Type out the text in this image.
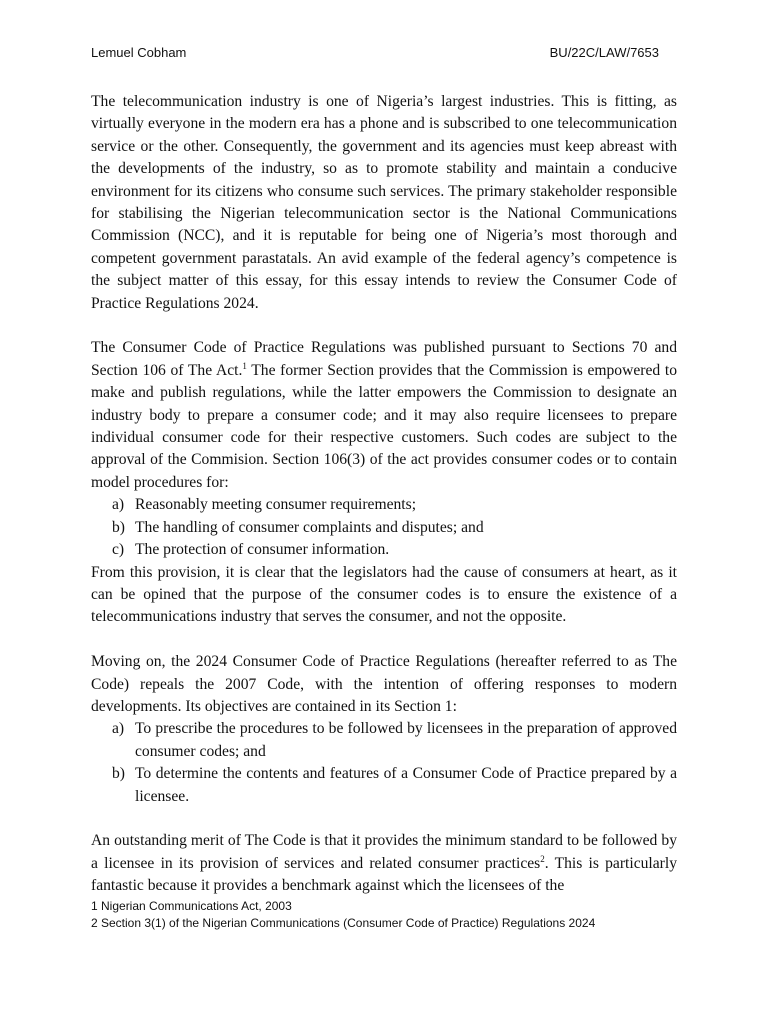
Lemuel Cobham	BU/22C/LAW/7653

The telecommunication industry is one of Nigeria’s largest industries. This is fitting, as virtually everyone in the modern era has a phone and is subscribed to one telecommunication service or the other. Consequently, the government and its agencies must keep abreast with the developments of the industry, so as to promote stability and maintain a conducive environment for its citizens who consume such services. The primary stakeholder responsible for stabilising the Nigerian telecommunication sector is the National Communications Commission (NCC), and it is reputable for being one of Nigeria’s most thorough and competent government parastatals. An avid example of the federal agency’s competence is the subject matter of this essay, for this essay intends to review the Consumer Code of Practice Regulations 2024.

The Consumer Code of Practice Regulations was published pursuant to Sections 70 and Section 106 of The Act.$^1$ The former Section provides that the Commission is empowered to make and publish regulations, while the latter empowers the Commission to designate an industry body to prepare a consumer code; and it may also require licensees to prepare individual consumer code for their respective customers. Such codes are subject to the approval of the Commision. Section 106(3) of the act provides consumer codes or to contain model procedures for:

a) Reasonably meeting consumer requirements;
b) The handling of consumer complaints and disputes; and
c) The protection of consumer information.

From this provision, it is clear that the legislators had the cause of consumers at heart, as it can be opined that the purpose of the consumer codes is to ensure the existence of a telecommunications industry that serves the consumer, and not the opposite.

Moving on, the 2024 Consumer Code of Practice Regulations (hereafter referred to as The Code) repeals the 2007 Code, with the intention of offering responses to modern developments. Its objectives are contained in its Section 1:

a) To prescribe the procedures to be followed by licensees in the preparation of approved consumer codes; and
b) To determine the contents and features of a Consumer Code of Practice prepared by a licensee.

An outstanding merit of The Code is that it provides the minimum standard to be followed by a licensee in its provision of services and related consumer practices$^2$. This is particularly fantastic because it provides a benchmark against which the licensees of the

1 Nigerian Communications Act, 2003
2 Section 3(1) of the Nigerian Communications (Consumer Code of Practice) Regulations 2024
